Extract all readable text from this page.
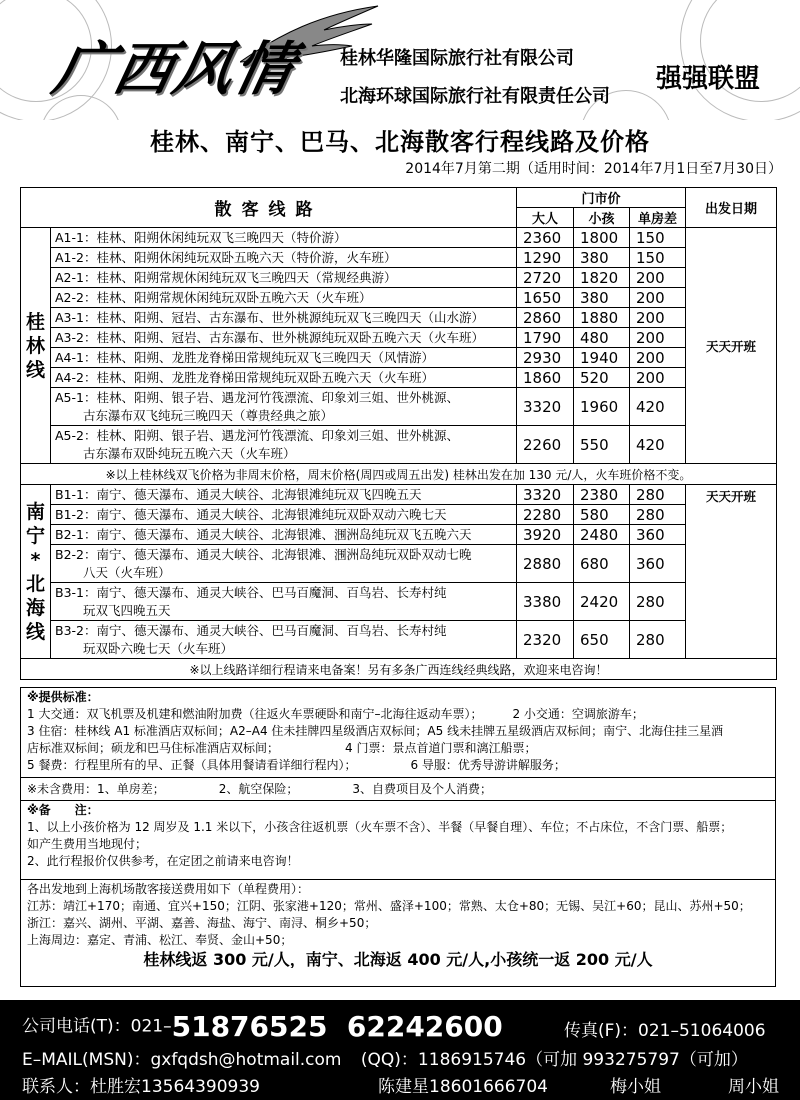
广西风情 桂林华隆国际旅行社有限公司
北海环球国际旅行社有限责任公司
强强联盟
桂林、南宁、巴马、北海散客行程线路及价格
2014年7月第二期（适用时间：2014年7月1日至7月30日）
散客线路		门市价			出发日期
		大人	小孩	单房差	
桂林线	A1-1：桂林、阳朔休闲纯玩双飞三晚四天（特价游）	2360	1800	150	天天开班
	A1-2：桂林、阳朔休闲纯玩双卧五晚六天（特价游，火车班）	1290	380	150	
	A2-1：桂林、阳朔常规休闲纯玩双飞三晚四天（常规经典游）	2720	1820	200	
	A2-2：桂林、阳朔常规休闲纯玩双卧五晚六天（火车班）	1650	380	200	
	A3-1：桂林、阳朔、冠岩、古东瀑布、世外桃源纯玩双飞三晚四天（山水游）	2860	1880	200	
	A3-2：桂林、阳朔、冠岩、古东瀑布、世外桃源纯玩双卧五晚六天（火车班）	1790	480	200	
	A4-1：桂林、阳朔、龙胜龙脊梯田常规纯玩双飞三晚四天（风情游）	2930	1940	200	
	A4-2：桂林、阳朔、龙胜龙脊梯田常规纯玩双卧五晚六天（火车班）	1860	520	200	

	A5-1：桂林、阳朔、银子岩、遇龙河竹筏漂流、印象刘三姐、世外桃源、
古东瀑布双飞纯玩三晚四天（尊贵经典之旅）	3320	1960	420	

	A5-2：桂林、阳朔、银子岩、遇龙河竹筏漂流、印象刘三姐、世外桃源、
古东瀑布双卧纯玩五晚六天（火车班）	2260	550	420	
※以上桂林线双飞价格为非周末价格，周末价格(周四或周五出发) 桂林出发在加 130 元/人，火车班价格不变。					
南宁*
北海线	B1-1：南宁、德天瀑布、通灵大峡谷、北海银滩纯玩双飞四晚五天	3320	2380	280	天天开班
	B1-2：南宁、德天瀑布、通灵大峡谷、北海银滩纯玩双卧双动六晚七天	2280	580	280	
	B2-1：南宁、德天瀑布、通灵大峡谷、北海银滩、涠洲岛纯玩双飞五晚六天	3920	2480	360	

	B2-2：南宁、德天瀑布、通灵大峡谷、北海银滩、涠洲岛纯玩双卧双动七晚
八天（火车班）	2880	680	360	

	B3-1：南宁、德天瀑布、通灵大峡谷、巴马百魔洞、百鸟岩、长寿村纯
玩双飞四晚五天	3380	2420	280	

	B3-2：南宁、德天瀑布、通灵大峡谷、巴马百魔洞、百鸟岩、长寿村纯
玩双卧六晚七天（火车班）	2320	650	280	
※以上线路详细行程请来电备案！另有多条广西连线经典线路，欢迎来电咨询！					

※提供标准：

1 大交通：双飞机票及机建和燃油附加费（往返火车票硬卧和南宁–北海往返动车票）；　　　2 小交通：空调旅游车；

3 住宿：桂林线 A1 标准酒店双标间；A2–A4 住未挂牌四星级酒店双标间；A5 线未挂牌五星级酒店双标间；南宁、北海住挂三星酒

店标准双标间；硕龙和巴马住标准酒店双标间；　　　　　　4 门票：景点首道门票和漓江船票；

5 餐费：行程里所有的早、正餐（具体用餐请看详细行程内）；　　　　　6 导服：优秀导游讲解服务；

※未含费用：1、单房差；　　　　　2、航空保险；　　　　　3、自费项目及个人消费；

※备　　注：

1、以上小孩价格为 12 周岁及 1.1 米以下，小孩含往返机票（火车票不含）、半餐（早餐自理）、车位；不占床位，不含门票、船票；

如产生费用当地现付；

2、此行程报价仅供参考，在定团之前请来电咨询！

各出发地到上海机场散客接送费用如下（单程费用）：

江苏：靖江+170；南通、宜兴+150；江阴、张家港+120；常州、盛泽+100；常熟、太仓+80；无锡、吴江+60；昆山、苏州+50；

浙江：嘉兴、湖州、平湖、嘉善、海盐、海宁、南浔、桐乡+50；

上海周边：嘉定、青浦、松江、奉贤、金山+50；

桂林线返 300 元/人，南宁、北海返 400 元/人,小孩统一返 200 元/人

公司电话(T)：021–51876525 62242600	传真(F)：021–51064006
E–MAIL(MSN)：gxfqdsh@hotmail.com (QQ)：1186915746（可加 993275797（可加）
联系人：杜胜宏13564390939	陈建星18601666704	梅小姐	周小姐
